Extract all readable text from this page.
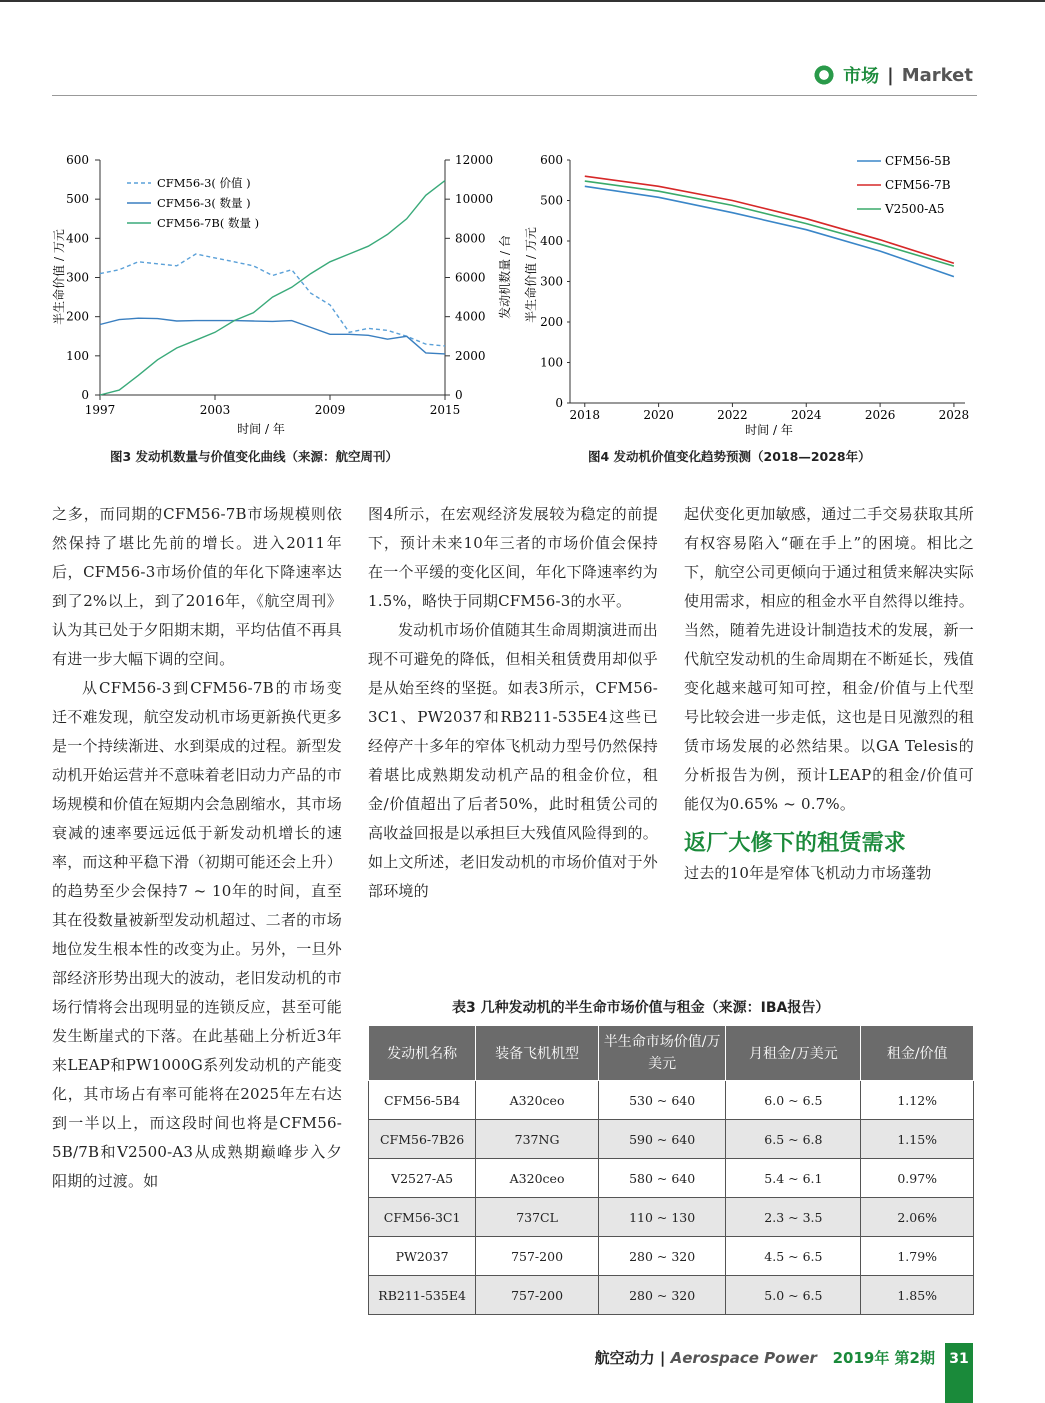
市场 | Market
0
100
200
300
400
500
600
0
2000
4000
6000
8000
10000
12000
1997	2003	2009	2015
CFM56-3( 价值 )
CFM56-3( 数量 )
CFM56-7B( 数量 )
时间 / 年
半生命价值 / 万元	发动机数量 / 台
图3 发动机数量与价值变化曲线（来源：航空周刊）
0
100
200
300
400
500
600
2018	2020	2022	2024	2026	2028
CFM56-5B
CFM56-7B
V2500-A5
时间 / 年
半生命价值 / 万元
图4 发动机价值变化趋势预测（2018—2028年）

之多，而同期的CFM56-7B市场规模则依然保持了堪比先前的增长。进入2011年后，CFM56-3市场价值的年化下降速率达到了2%以上，到了2016年，《航空周刊》认为其已处于夕阳期末期，平均估值不再具有进一步大幅下调的空间。

从CFM56-3到CFM56-7B的市场变迁不难发现，航空发动机市场更新换代更多是一个持续渐进、水到渠成的过程。新型发动机开始运营并不意味着老旧动力产品的市场规模和价值在短期内会急剧缩水，其市场衰减的速率要远远低于新发动机增长的速率，而这种平稳下滑（初期可能还会上升）的趋势至少会保持7 ~ 10年的时间，直至其在役数量被新型发动机超过、二者的市场地位发生根本性的改变为止。另外，一旦外部经济形势出现大的波动，老旧发动机的市场行情将会出现明显的连锁反应，甚至可能发生断崖式的下落。在此基础上分析近3年来LEAP和PW1000G系列发动机的产能变化，其市场占有率可能将在2025年左右达到一半以上，而这段时间也将是CFM56-5B/7B和V2500-A3从成熟期巅峰步入夕阳期的过渡。如

图4所示，在宏观经济发展较为稳定的前提下，预计未来10年三者的市场价值会保持在一个平缓的变化区间，年化下降速率约为1.5%，略快于同期CFM56-3的水平。

发动机市场价值随其生命周期演进而出现不可避免的降低，但相关租赁费用却似乎是从始至终的坚挺。如表3所示，CFM56-3C1、PW2037和RB211-535E4这些已经停产十多年的窄体飞机动力型号仍然保持着堪比成熟期发动机产品的租金价位，租金/价值超出了后者50%，此时租赁公司的高收益回报是以承担巨大残值风险得到的。如上文所述，老旧发动机的市场价值对于外部环境的

起伏变化更加敏感，通过二手交易获取其所有权容易陷入“砸在手上”的困境。相比之下，航空公司更倾向于通过租赁来解决实际使用需求，相应的租金水平自然得以维持。当然，随着先进设计制造技术的发展，新一代航空发动机的生命周期在不断延长，残值变化越来越可知可控，租金/价值与上代型号比较会进一步走低，这也是日见激烈的租赁市场发展的必然结果。以GA Telesis的分析报告为例，预计LEAP的租金/价值可能仅为0.65% ~ 0.7%。

返厂大修下的租赁需求

过去的10年是窄体飞机动力市场蓬勃

表3 几种发动机的半生命市场价值与租金（来源：IBA报告）
发动机名称	装备飞机机型	半生命市场价值/万美元	月租金/万美元	租金/价值
CFM56-5B4	A320ceo	530 ~ 640	6.0 ~ 6.5	1.12%
CFM56-7B26	737NG	590 ~ 640	6.5 ~ 6.8	1.15%
V2527-A5	A320ceo	580 ~ 640	5.4 ~ 6.1	0.97%
CFM56-3C1	737CL	110 ~ 130	2.3 ~ 3.5	2.06%
PW2037	757-200	280 ~ 320	4.5 ~ 6.5	1.79%
RB211-535E4	757-200	280 ~ 320	5.0 ~ 6.5	1.85%
航空动力 | Aerospace Power 2019年 第2期	31
